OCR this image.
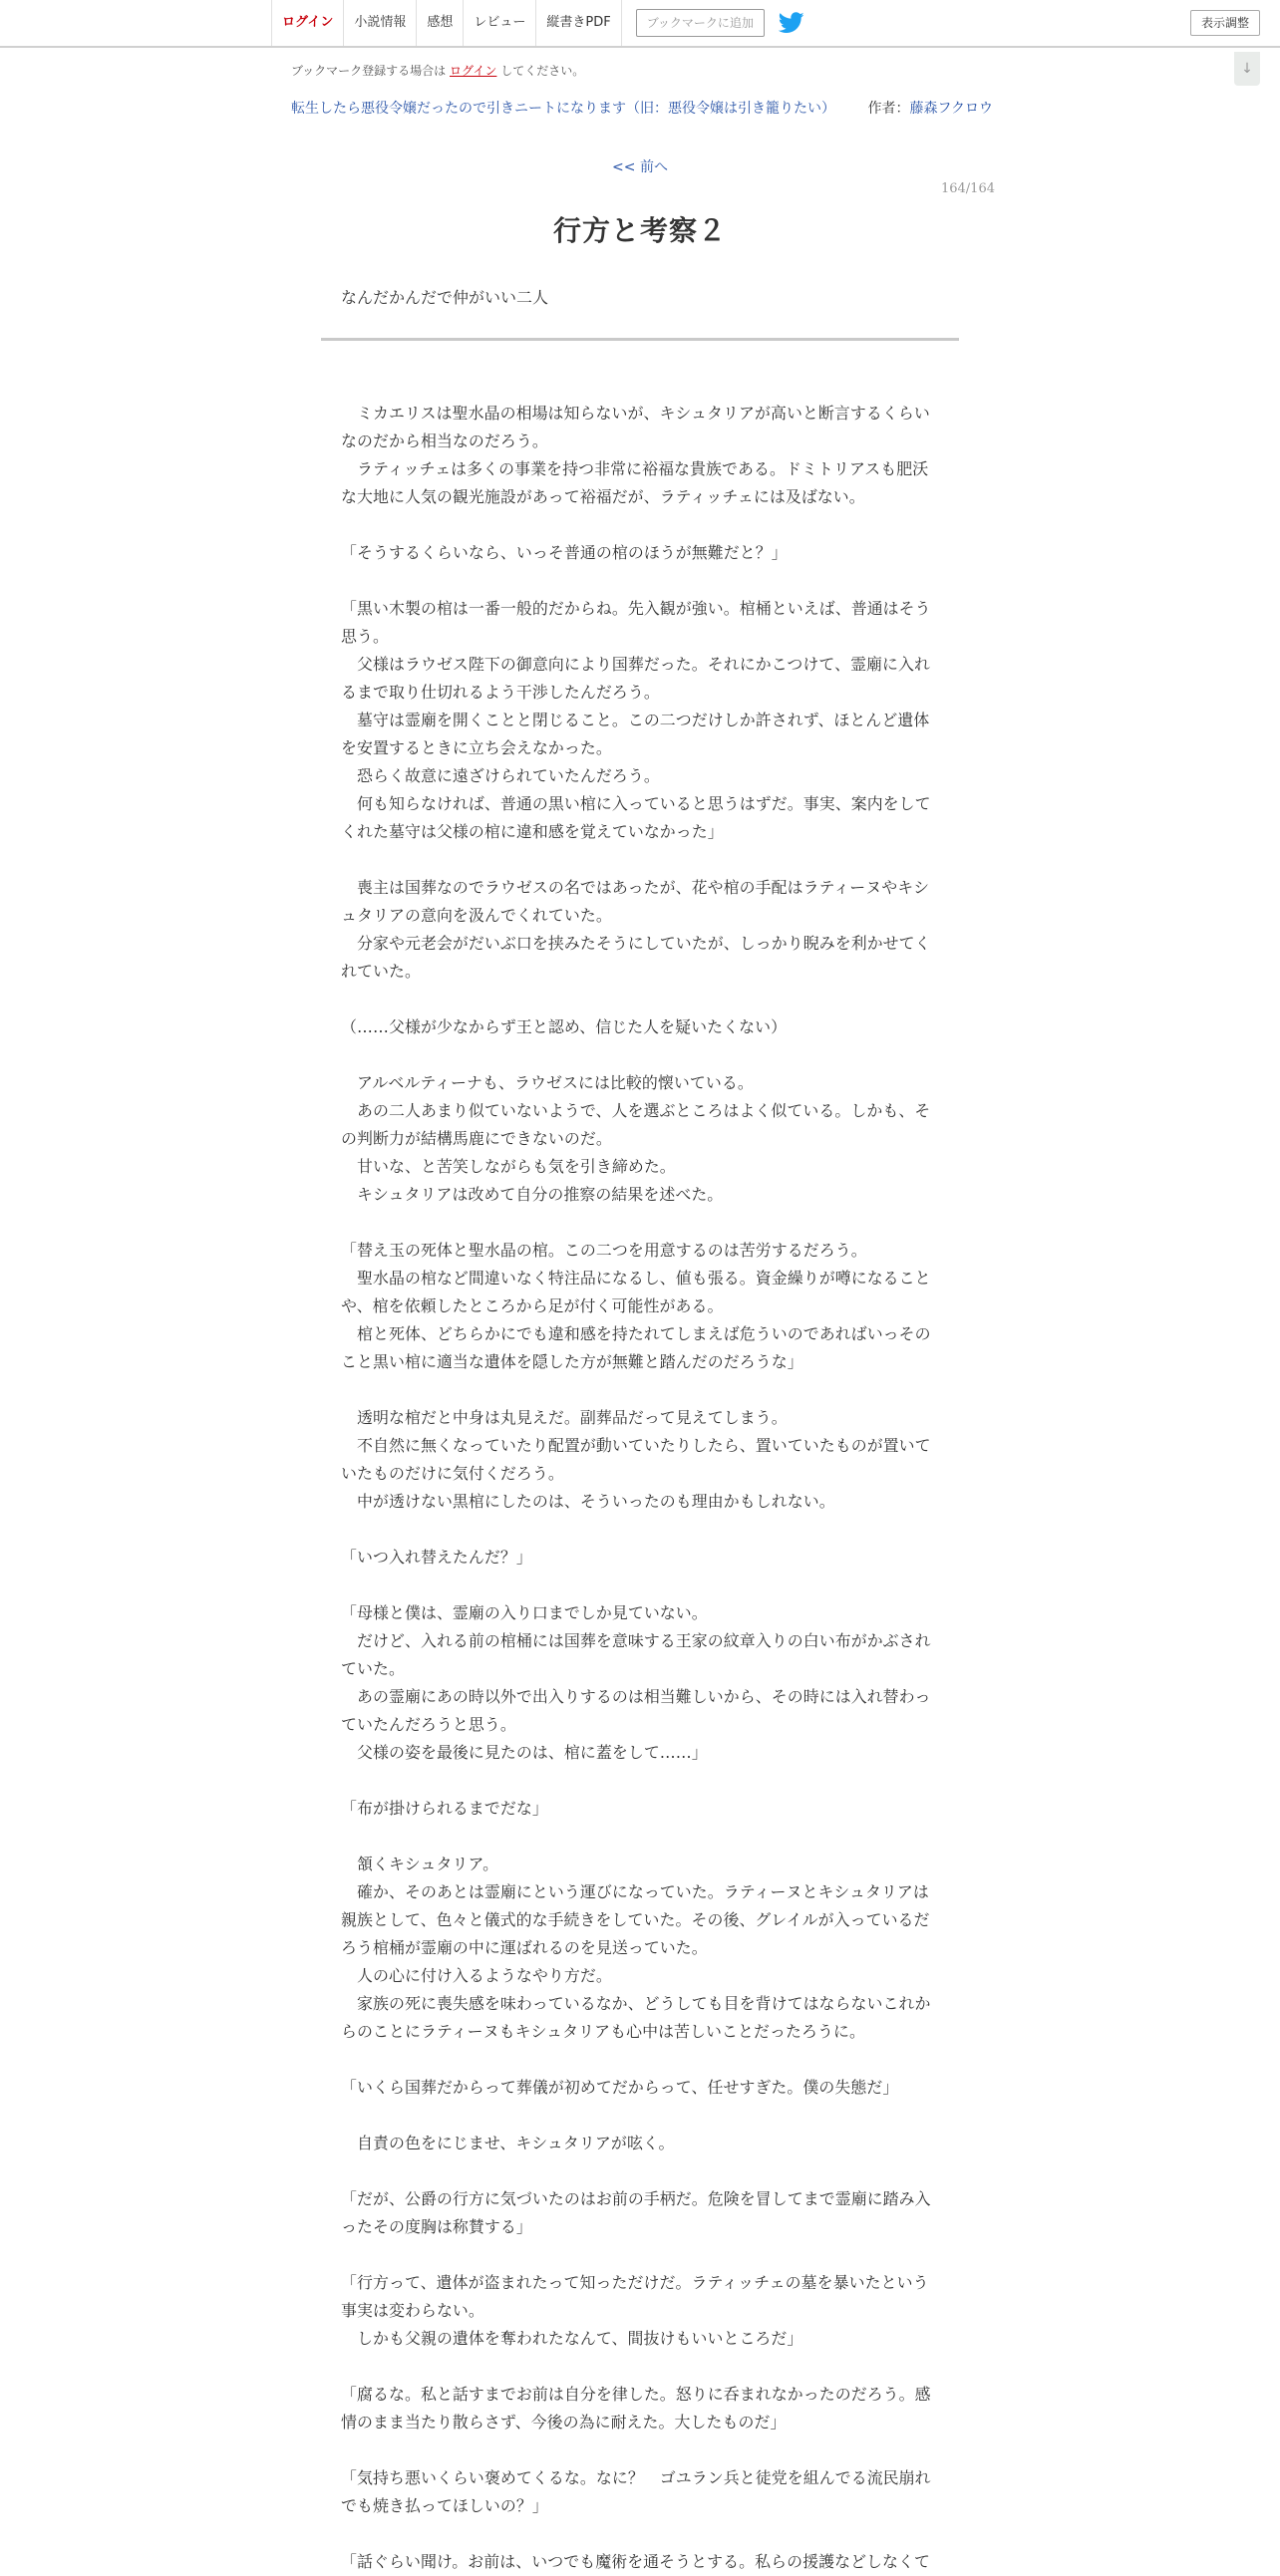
ログイン	小説情報	感想	レビュー	縦書きPDF	ブックマークに追加	表示調整
↓
ブックマーク登録する場合は ログイン してください。
転生したら悪役令嬢だったので引きニートになります（旧：悪役令嬢は引き籠りたい） 作者：藤森フクロウ
<< 前へ
164/164
行方と考察２
なんだかんだで仲がいい二人

　ミカエリスは聖水晶の相場は知らないが、キシュタリアが高いと断言するくらい

なのだから相当なのだろう。

　ラティッチェは多くの事業を持つ非常に裕福な貴族である。ドミトリアスも肥沃

な大地に人気の観光施設があって裕福だが、ラティッチェには及ばない。

「そうするくらいなら、いっそ普通の棺のほうが無難だと？」

「黒い木製の棺は一番一般的だからね。先入観が強い。棺桶といえば、普通はそう

思う。

　父様はラウゼス陛下の御意向により国葬だった。それにかこつけて、霊廟に入れ

るまで取り仕切れるよう干渉したんだろう。

　墓守は霊廟を開くことと閉じること。この二つだけしか許されず、ほとんど遺体

を安置するときに立ち会えなかった。

　恐らく故意に遠ざけられていたんだろう。

　何も知らなければ、普通の黒い棺に入っていると思うはずだ。事実、案内をして

くれた墓守は父様の棺に違和感を覚えていなかった」

　喪主は国葬なのでラウゼスの名ではあったが、花や棺の手配はラティーヌやキシ

ュタリアの意向を汲んでくれていた。

　分家や元老会がだいぶ口を挟みたそうにしていたが、しっかり睨みを利かせてく

れていた。

（……父様が少なからず王と認め、信じた人を疑いたくない）

　アルベルティーナも、ラウゼスには比較的懐いている。

　あの二人あまり似ていないようで、人を選ぶところはよく似ている。しかも、そ

の判断力が結構馬鹿にできないのだ。

　甘いな、と苦笑しながらも気を引き締めた。

　キシュタリアは改めて自分の推察の結果を述べた。

「替え玉の死体と聖水晶の棺。この二つを用意するのは苦労するだろう。

　聖水晶の棺など間違いなく特注品になるし、値も張る。資金繰りが噂になること

や、棺を依頼したところから足が付く可能性がある。

　棺と死体、どちらかにでも違和感を持たれてしまえば危ういのであればいっその

こと黒い棺に適当な遺体を隠した方が無難と踏んだのだろうな」

　透明な棺だと中身は丸見えだ。副葬品だって見えてしまう。

　不自然に無くなっていたり配置が動いていたりしたら、置いていたものが置いて

いたものだけに気付くだろう。

　中が透けない黒棺にしたのは、そういったのも理由かもしれない。

「いつ入れ替えたんだ？」

「母様と僕は、霊廟の入り口までしか見ていない。

　だけど、入れる前の棺桶には国葬を意味する王家の紋章入りの白い布がかぶされ

ていた。

　あの霊廟にあの時以外で出入りするのは相当難しいから、その時には入れ替わっ

ていたんだろうと思う。

　父様の姿を最後に見たのは、棺に蓋をして……」

「布が掛けられるまでだな」

　頷くキシュタリア。

　確か、そのあとは霊廟にという運びになっていた。ラティーヌとキシュタリアは

親族として、色々と儀式的な手続きをしていた。その後、グレイルが入っているだ

ろう棺桶が霊廟の中に運ばれるのを見送っていた。

　人の心に付け入るようなやり方だ。

　家族の死に喪失感を味わっているなか、どうしても目を背けてはならないこれか

らのことにラティーヌもキシュタリアも心中は苦しいことだったろうに。

「いくら国葬だからって葬儀が初めてだからって、任せすぎた。僕の失態だ」

　自責の色をにじませ、キシュタリアが呟く。

「だが、公爵の行方に気づいたのはお前の手柄だ。危険を冒してまで霊廟に踏み入

ったその度胸は称賛する」

「行方って、遺体が盗まれたって知っただけだ。ラティッチェの墓を暴いたという

事実は変わらない。

　しかも父親の遺体を奪われたなんて、間抜けもいいところだ」

「腐るな。私と話すまでお前は自分を律した。怒りに呑まれなかったのだろう。感

情のまま当たり散らさず、今後の為に耐えた。大したものだ」

「気持ち悪いくらい褒めてくるな。なに？　ゴユラン兵と徒党を組んでる流民崩れ

でも焼き払ってほしいの？」

「話ぐらい聞け。お前は、いつでも魔術を通そうとする。私らの援護などしなくて
